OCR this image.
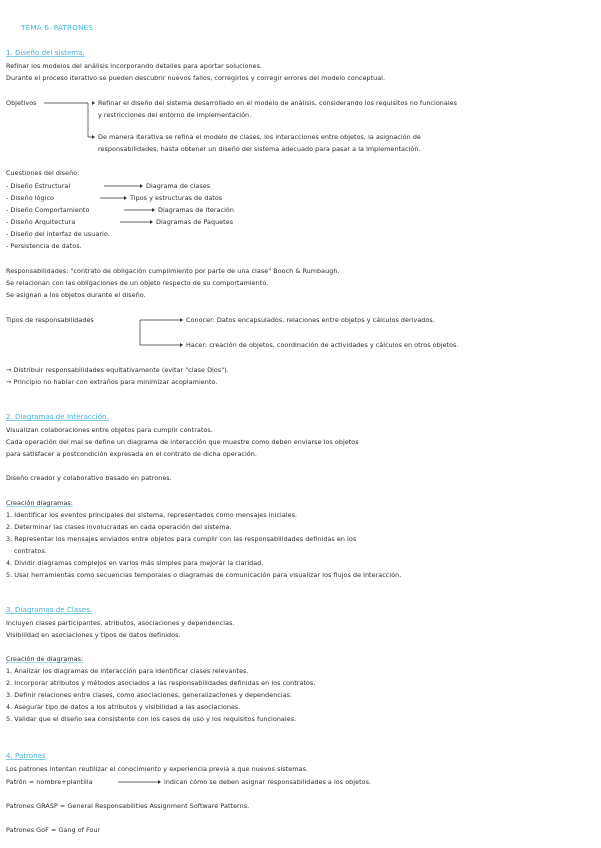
TEMA 6. PATRONES
1. Diseño del sistema.
Refinar los modelos del análisis incorporando detalles para aportar soluciones.
Durante el proceso iterativo se pueden descubrir nuevos fallos, corregirlos y corregir errores del modelo conceptual.
Objetivos	Refinar el diseño del sistema desarrollado en el modelo de análisis, considerando los requisitos no funcionales
y restricciones del entorno de implementación.
De manera iterativa se refina el modelo de clases, los interacciones entre objetos, la asignación de
responsabilidades, hasta obtener un diseño del sistema adecuado para pasar a la implementación.
Cuestiones del diseño:
- Diseño Estructural	Diagrama de clases
- Diseño lógico	Tipos y estructuras de datos
- Diseño Comportamiento	Diagramas de Iteración
- Diseño Arquitectura	Diagramas de Paquetes
- Diseño del interfaz de usuario.
- Persistencia de datos.
Responsabilidades: "contrato de obligación cumplimiento por parte de una clase" Booch & Rumbaugh.
Se relacionan con las obligaciones de un objeto respecto de su comportamiento.
Se asignan a los objetos durante el diseño.
Tipos de responsabilidades	Conocer: Datos encapsulados, relaciones entre objetos y cálculos derivados.
Hacer: creación de objetos, coordinación de actividades y cálculos en otros objetos.
→ Distribuir responsabilidades equitativamente (evitar "clase Dios").
→ Principio no hablar con extraños para minimizar acoplamiento.
2. Diagramas de Interacción.
Visualizan colaboraciones entre objetos para cumplir contratos.
Cada operación del mal se define un diagrama de interacción que muestre como deben enviarse los objetos
para satisfacer a postcondición expresada en el contrato de dicha operación.
Diseño creador y colaborativo basado en patrones.
Creación diagramas:
1. Identificar los eventos principales del sistema, representados como mensajes iniciales.
2. Determinar las clases involucradas en cada operación del sistema.
3. Representar los mensajes enviados entre objetos para cumplir con las responsabilidades definidas en los
contratos.
4. Dividir diagramas complejos en varios más simples para mejorar la claridad.
5. Usar herramientas como secuencias temporales o diagramas de comunicación para visualizar los flujos de interacción.
3. Diagramas de Clases.
Incluyen clases participantes, atributos, asociaciones y dependencias.
Visibilidad en asociaciones y tipos de datos definidos.
Creación de diagramas:
1. Analizar los diagramas de interacción para identificar clases relevantes.
2. Incorporar atributos y métodos asociados a las responsabilidades definidas en los contratos.
3. Definir relaciones entre clases, como asociaciones, generalizaciones y dependencias.
4. Asegurar tipo de datos a los atributos y visibilidad a las asociaciones.
5. Validar que el diseño sea consistente con los casos de uso y los requisitos funcionales.
4. Patrones
Los patrones intentan reutilizar el conocimiento y experiencia previa a que nuevos sistemas.
Patrón = nombre+plantilla	indican cómo se deben asignar responsabilidades a los objetos.
Patrones GRASP = General Responsabilities Assignment Software Patterns.
Patrones GoF = Gang of Four
